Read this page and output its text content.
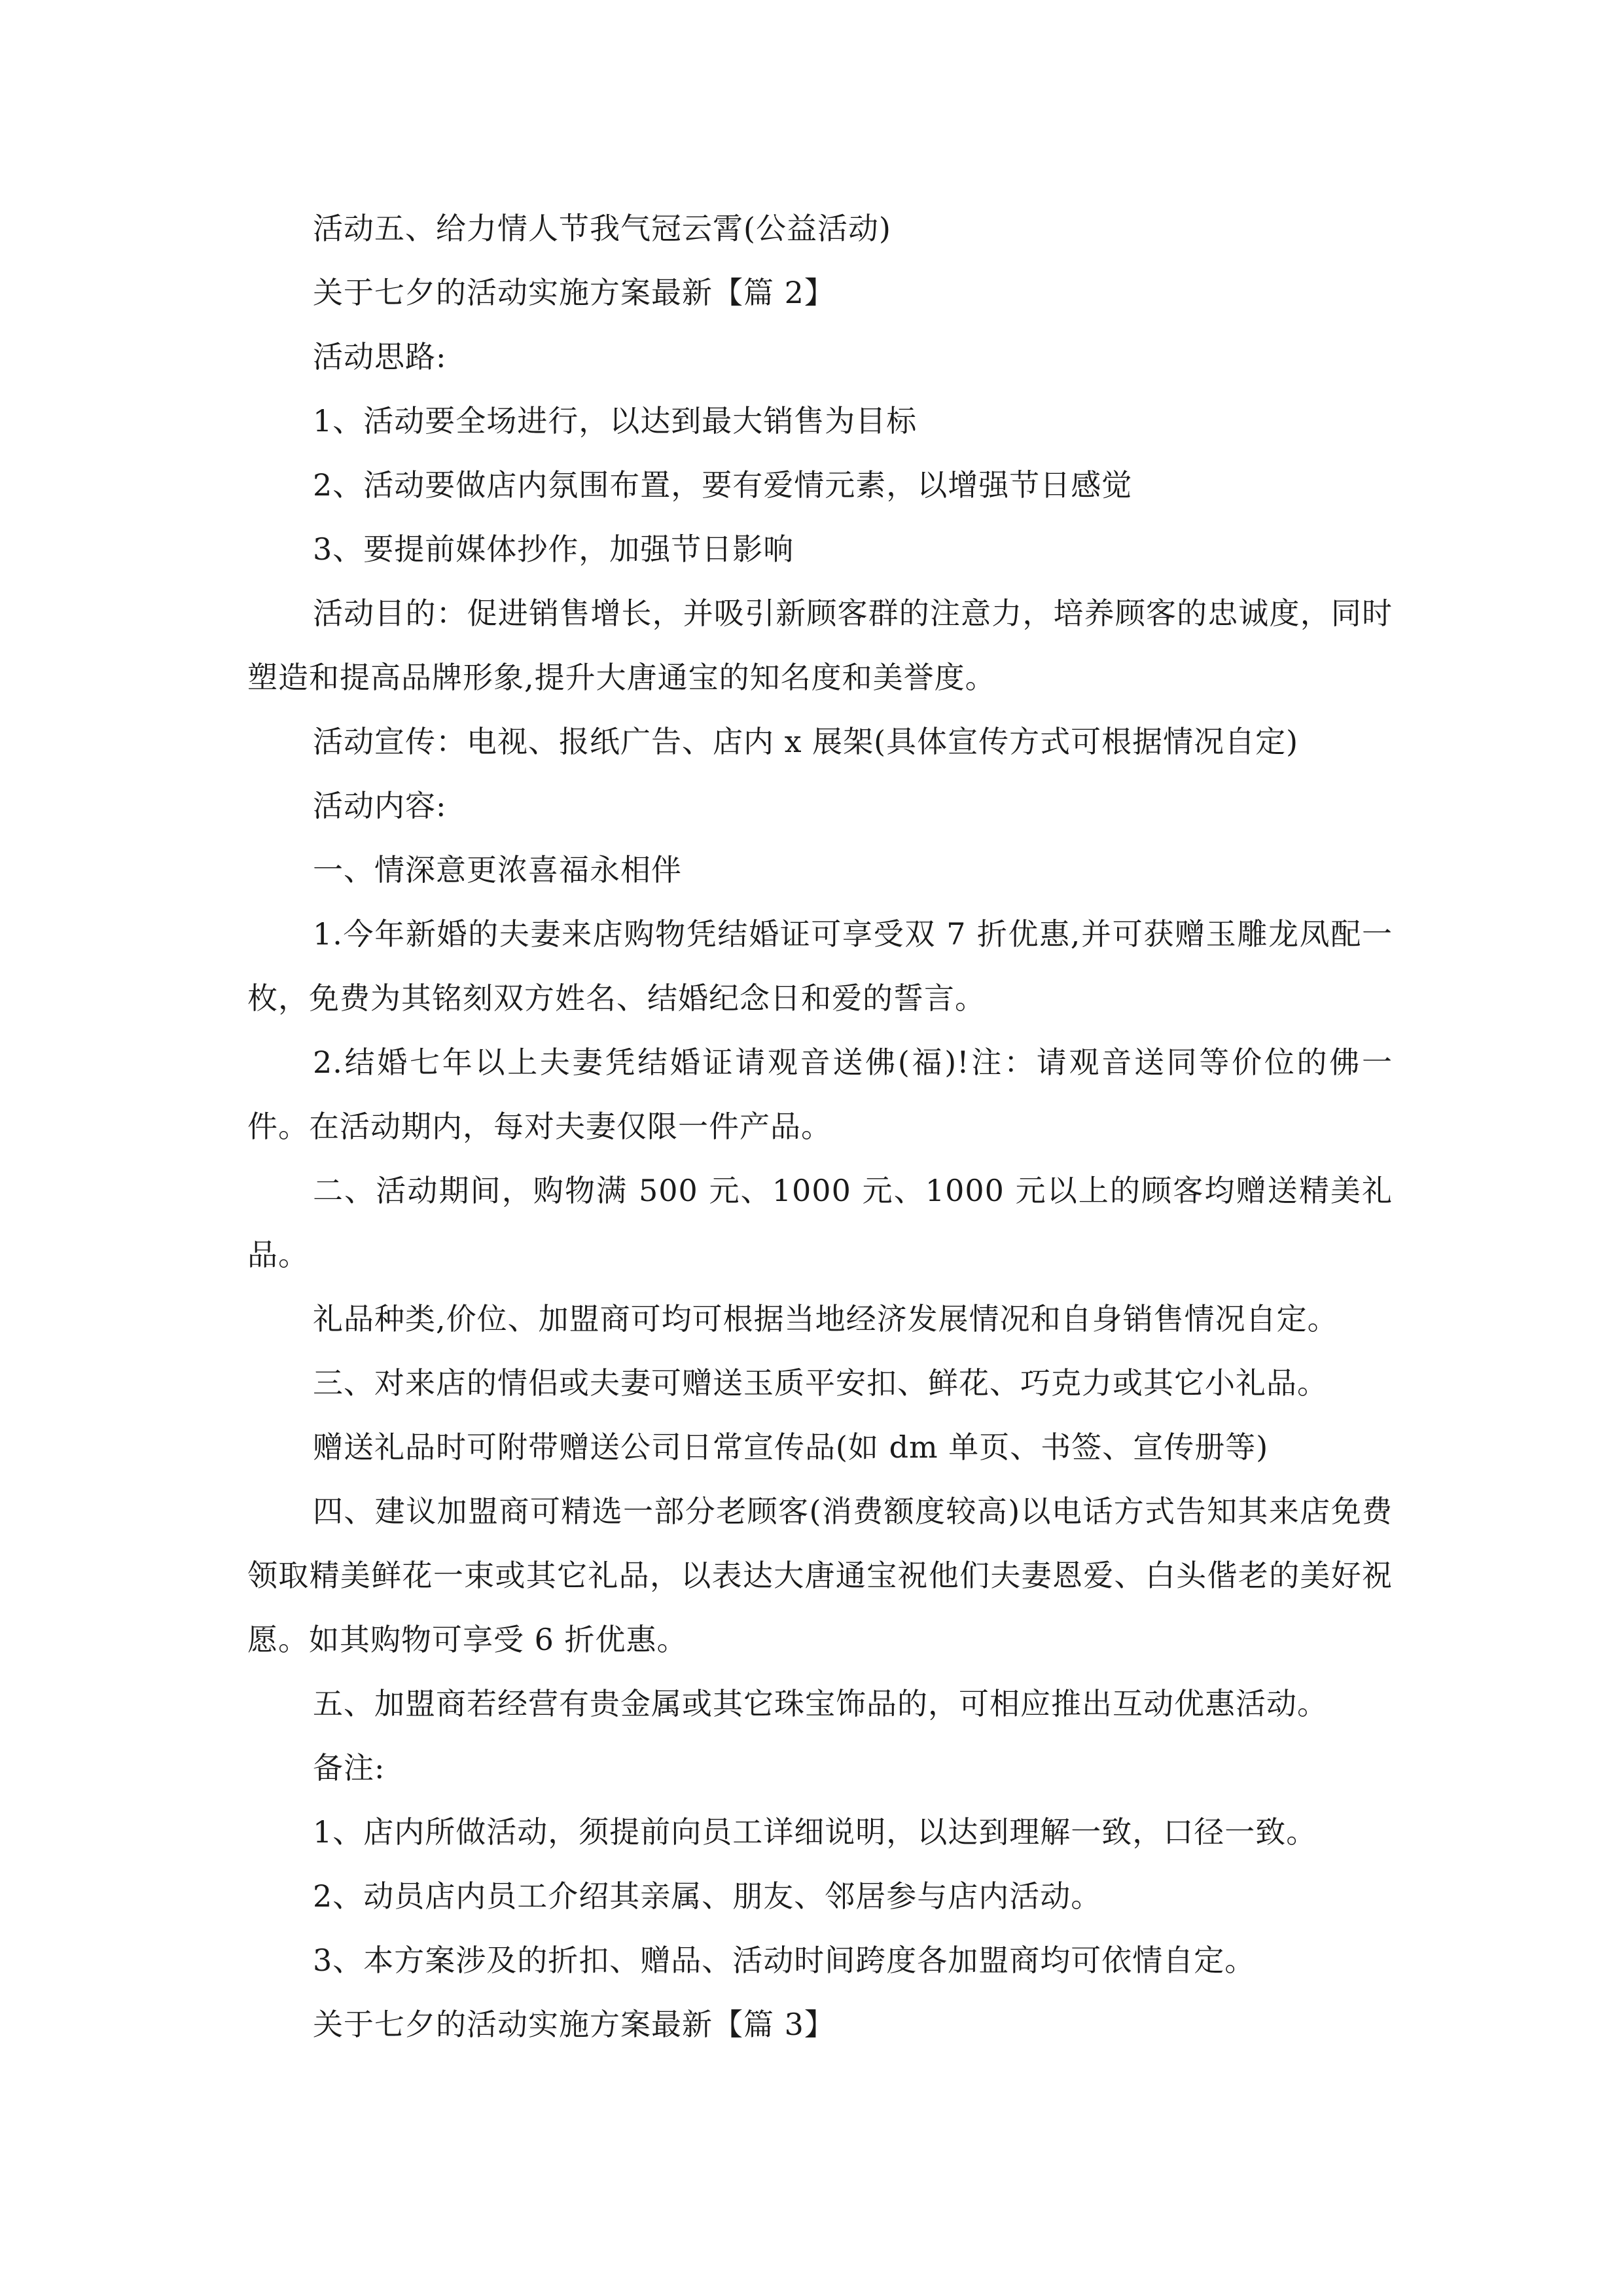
活动五、给力情人节我气冠云霄(公益活动)

关于七夕的活动实施方案最新【篇 2】

活动思路:

1、活动要全场进行，以达到最大销售为目标

2、活动要做店内氛围布置，要有爱情元素，以增强节日感觉

3、要提前媒体抄作，加强节日影响

活动目的：促进销售增长，并吸引新顾客群的注意力，培养顾客的忠诚度，同时塑造和提高品牌形象,提升大唐通宝的知名度和美誉度。

活动宣传：电视、报纸广告、店内 x 展架(具体宣传方式可根据情况自定)

活动内容:

一、情深意更浓喜福永相伴

1.今年新婚的夫妻来店购物凭结婚证可享受双 7 折优惠,并可获赠玉雕龙凤配一枚，免费为其铭刻双方姓名、结婚纪念日和爱的誓言。

2.结婚七年以上夫妻凭结婚证请观音送佛(福)!注：请观音送同等价位的佛一件。在活动期内，每对夫妻仅限一件产品。

二、活动期间，购物满 500 元、1000 元、1000 元以上的顾客均赠送精美礼品。

礼品种类,价位、加盟商可均可根据当地经济发展情况和自身销售情况自定。

三、对来店的情侣或夫妻可赠送玉质平安扣、鲜花、巧克力或其它小礼品。

赠送礼品时可附带赠送公司日常宣传品(如 dm 单页、书签、宣传册等)

四、建议加盟商可精选一部分老顾客(消费额度较高)以电话方式告知其来店免费领取精美鲜花一束或其它礼品，以表达大唐通宝祝他们夫妻恩爱、白头偕老的美好祝愿。如其购物可享受 6 折优惠。

五、加盟商若经营有贵金属或其它珠宝饰品的，可相应推出互动优惠活动。

备注:

1、店内所做活动，须提前向员工详细说明，以达到理解一致，口径一致。

2、动员店内员工介绍其亲属、朋友、邻居参与店内活动。

3、本方案涉及的折扣、赠品、活动时间跨度各加盟商均可依情自定。

关于七夕的活动实施方案最新【篇 3】
